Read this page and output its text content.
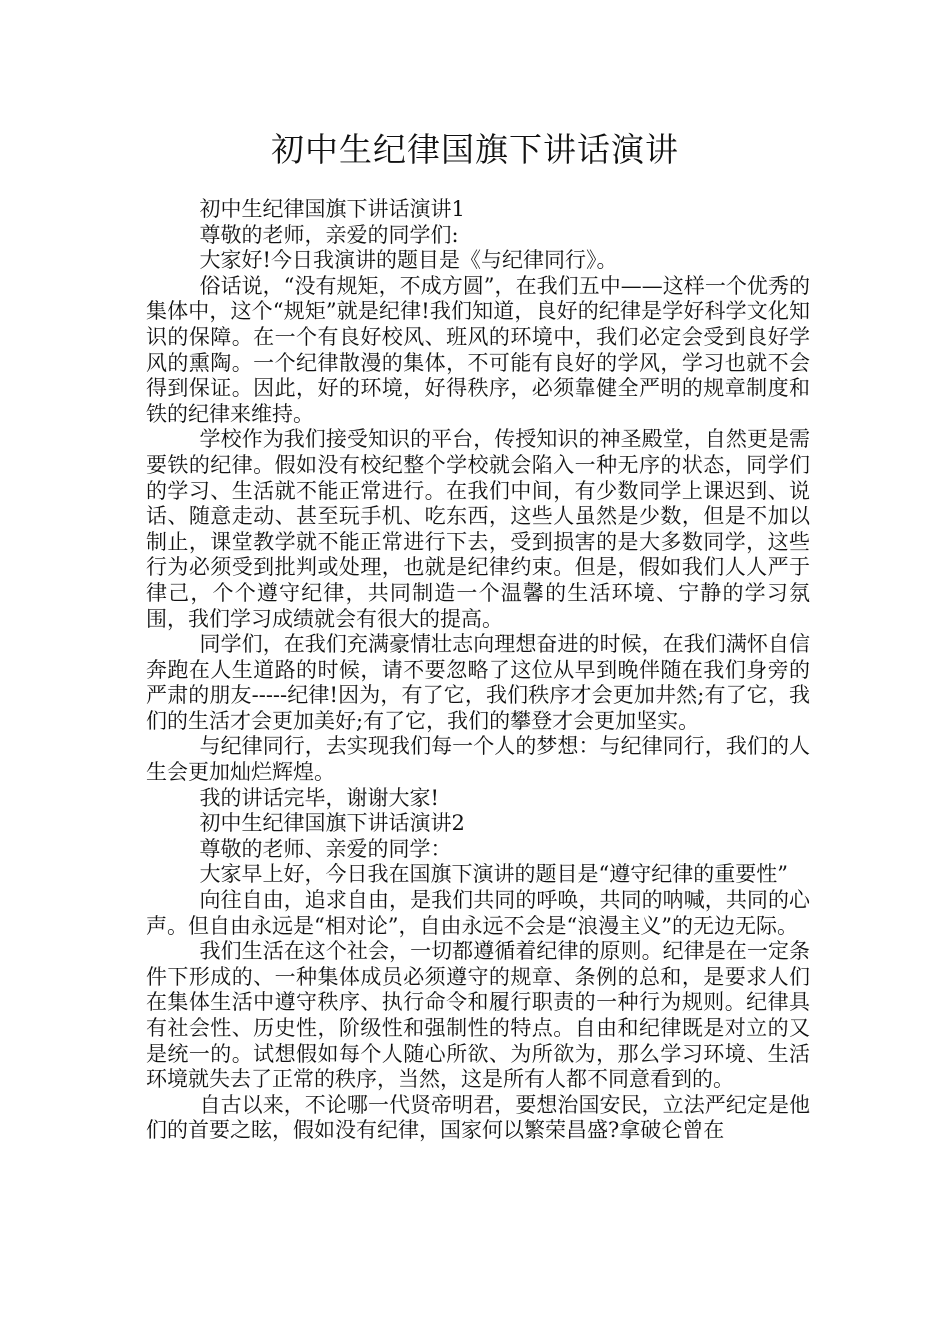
初中生纪律国旗下讲话演讲

初中生纪律国旗下讲话演讲1

尊敬的老师，亲爱的同学们:

大家好!今日我演讲的题目是《与纪律同行》。

俗话说，“没有规矩，不成方圆”，在我们五中——这样一个优秀的集体中，这个“规矩”就是纪律!我们知道，良好的纪律是学好科学文化知识的保障。在一个有良好校风、班风的环境中，我们必定会受到良好学风的熏陶。一个纪律散漫的集体，不可能有良好的学风，学习也就不会得到保证。因此，好的环境，好得秩序，必须靠健全严明的规章制度和铁的纪律来维持。

学校作为我们接受知识的平台，传授知识的神圣殿堂，自然更是需要铁的纪律。假如没有校纪整个学校就会陷入一种无序的状态，同学们的学习、生活就不能正常进行。在我们中间，有少数同学上课迟到、说话、随意走动、甚至玩手机、吃东西，这些人虽然是少数，但是不加以制止，课堂教学就不能正常进行下去，受到损害的是大多数同学，这些行为必须受到批判或处理，也就是纪律约束。但是，假如我们人人严于律己，个个遵守纪律，共同制造一个温馨的生活环境、宁静的学习氛围，我们学习成绩就会有很大的提高。

同学们，在我们充满豪情壮志向理想奋进的时候，在我们满怀自信奔跑在人生道路的时候，请不要忽略了这位从早到晚伴随在我们身旁的严肃的朋友-----纪律!因为，有了它，我们秩序才会更加井然;有了它，我们的生活才会更加美好;有了它，我们的攀登才会更加坚实。

与纪律同行，去实现我们每一个人的梦想：与纪律同行，我们的人生会更加灿烂辉煌。

我的讲话完毕，谢谢大家!

初中生纪律国旗下讲话演讲2

尊敬的老师、亲爱的同学：

大家早上好，今日我在国旗下演讲的题目是“遵守纪律的重要性”

向往自由，追求自由，是我们共同的呼唤，共同的呐喊，共同的心声。但自由永远是“相对论”，自由永远不会是“浪漫主义”的无边无际。

我们生活在这个社会，一切都遵循着纪律的原则。纪律是在一定条件下形成的、一种集体成员必须遵守的规章、条例的总和，是要求人们在集体生活中遵守秩序、执行命令和履行职责的一种行为规则。纪律具有社会性、历史性，阶级性和强制性的特点。自由和纪律既是对立的又是统一的。试想假如每个人随心所欲、为所欲为，那么学习环境、生活环境就失去了正常的秩序，当然，这是所有人都不同意看到的。

自古以来，不论哪一代贤帝明君，要想治国安民，立法严纪定是他们的首要之眩，假如没有纪律，国家何以繁荣昌盛?拿破仑曾在
